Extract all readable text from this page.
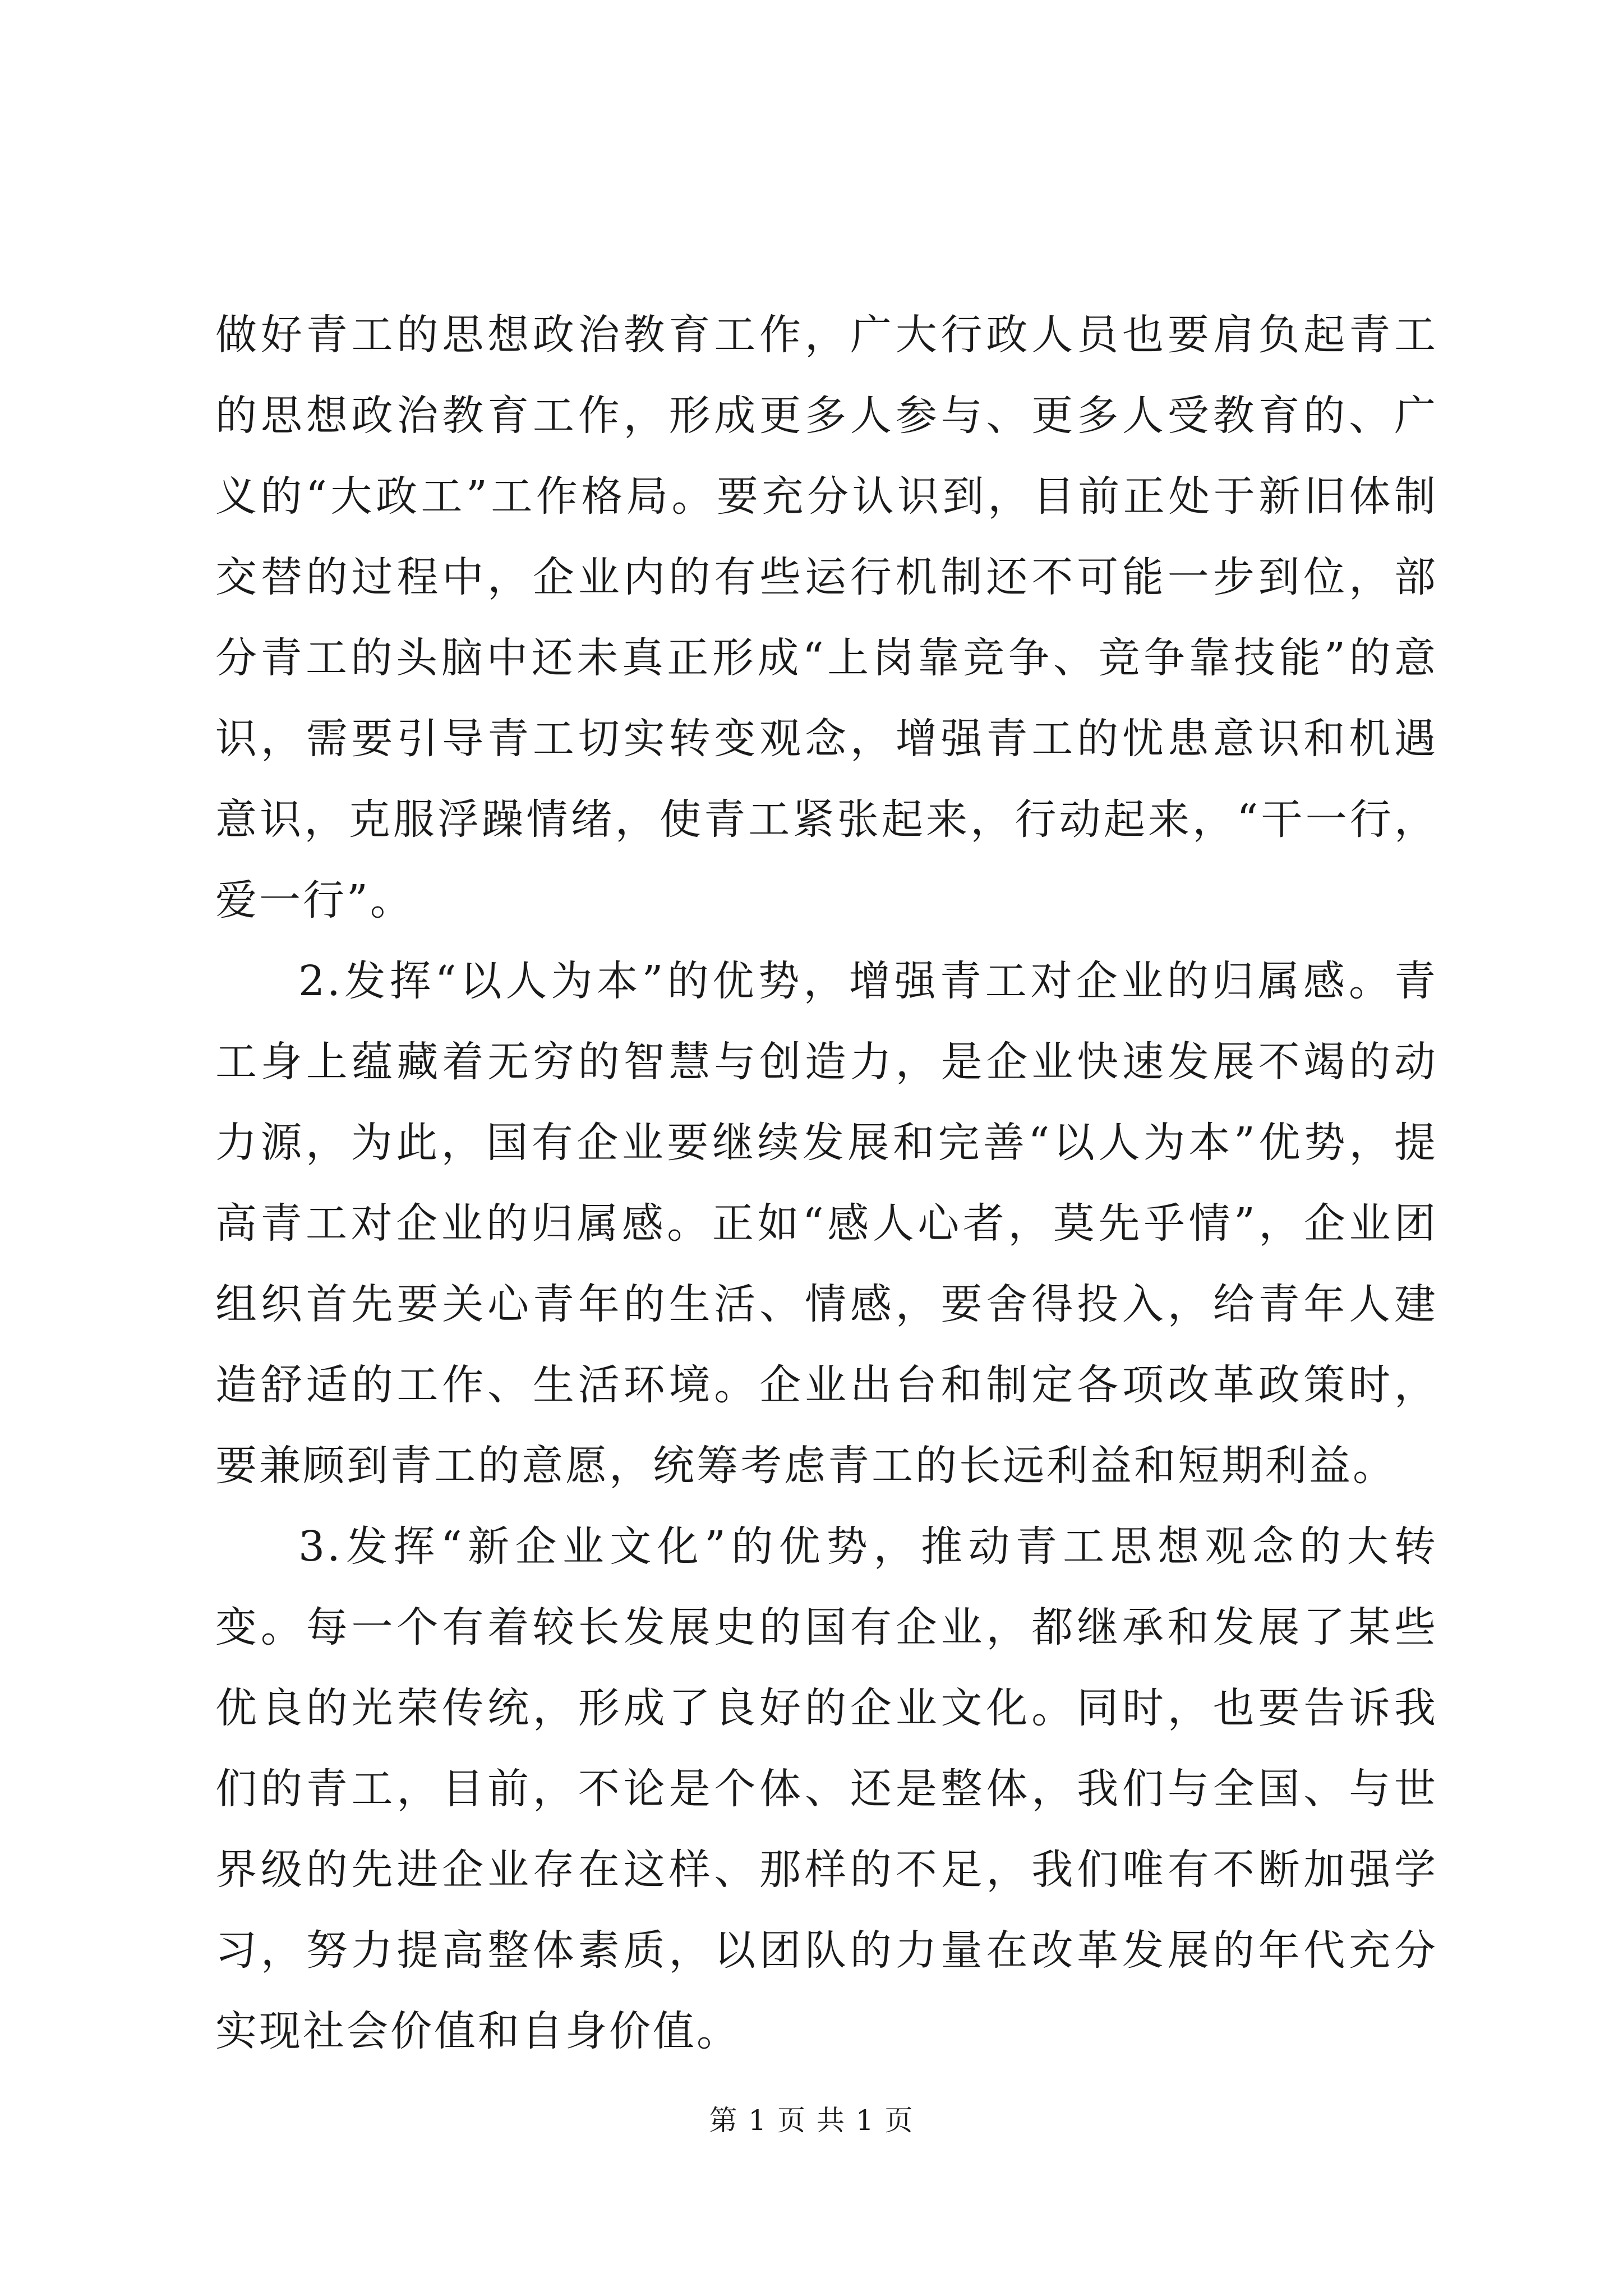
做好青工的思想政治教育工作，广大行政人员也要肩负起青工的思想政治教育工作，形成更多人参与、更多人受教育的、广义的“大政工”工作格局。要充分认识到，目前正处于新旧体制交替的过程中，企业内的有些运行机制还不可能一步到位，部分青工的头脑中还未真正形成“上岗靠竞争、竞争靠技能”的意识，需要引导青工切实转变观念，增强青工的忧患意识和机遇意识，克服浮躁情绪，使青工紧张起来，行动起来，“干一行，爱一行”。

2.发挥“以人为本”的优势，增强青工对企业的归属感。青工身上蕴藏着无穷的智慧与创造力，是企业快速发展不竭的动力源，为此，国有企业要继续发展和完善“以人为本”优势，提高青工对企业的归属感。正如“感人心者，莫先乎情”，企业团组织首先要关心青年的生活、情感，要舍得投入，给青年人建造舒适的工作、生活环境。企业出台和制定各项改革政策时，要兼顾到青工的意愿，统筹考虑青工的长远利益和短期利益。

3.发挥“新企业文化”的优势，推动青工思想观念的大转变。每一个有着较长发展史的国有企业，都继承和发展了某些优良的光荣传统，形成了良好的企业文化。同时，也要告诉我们的青工，目前，不论是个体、还是整体，我们与全国、与世界级的先进企业存在这样、那样的不足，我们唯有不断加强学习，努力提高整体素质，以团队的力量在改革发展的年代充分实现社会价值和自身价值。

第 1 页 共 1 页
